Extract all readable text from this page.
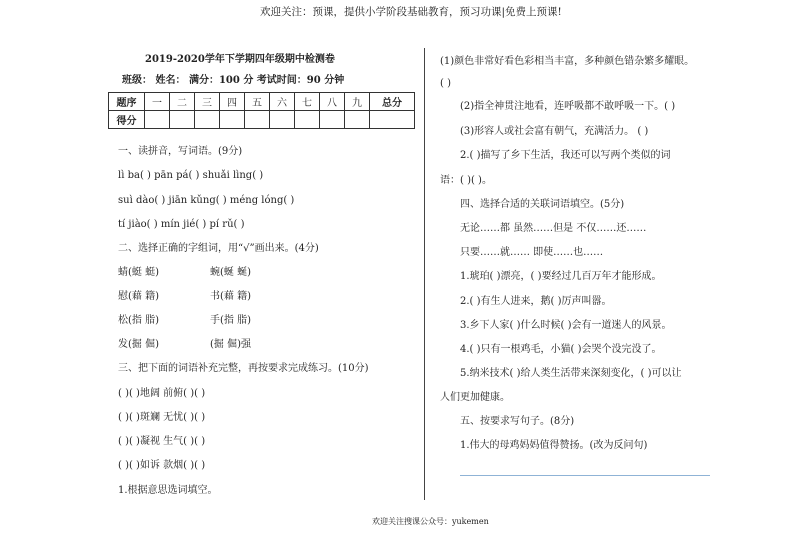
欢迎关注：预课，提供小学阶段基础教育，预习功课|免费上预课!
2019-2020学年下学期四年级期中检测卷
班级： 姓名： 满分：100 分 考试时间：90 分钟
题序	一	二	三	四	五	六	七	八	九	总分
得分										
一、读拼音，写词语。(9分)
lì ba( ) pān pá( ) shuǎi lìng( )
suì dào( ) jiān kǔng( ) méng lóng( )
tí jiào( ) mín jié( ) pí rǔ( )
二、选择正确的字组词，用“√”画出来。(4分)
蜻(蜓 蜓)	蜿(蜒 蜒)
慰(藉 籍)	书(藉 籍)
松(指 脂)	手(指 脂)
发(掘 倔)	(掘 倔)强
三、把下面的词语补充完整，再按要求完成练习。(10分)
( )( )地阔 前俯( )( )
( )( )斑斓 无忧( )( )
( )( )凝视 生气( )( )
( )( )如诉 款烟( )( )
1.根据意思选词填空。
(1)颜色非常好看色彩相当丰富，多种颜色错杂繁多耀眼。
( )
(2)指全神贯注地看，连呼吸都不敢呼吸一下。( )
(3)形容人或社会富有朝气，充满活力。 ( )
2.( )描写了乡下生活，我还可以写两个类似的词
语：( )( )。
四、选择合适的关联词语填空。(5分)
无论……都 虽然……但是 不仅……还……
只要……就…… 即使……也……
1.琥珀( )漂亮，( )要经过几百万年才能形成。
2.( )有生人进来，鹅( )厉声叫嚣。
3.乡下人家( )什么时候( )会有一道迷人的风景。
4.( )只有一根鸡毛，小猫( )会哭个没完没了。
5.纳米技术( )给人类生活带来深刻变化，( )可以让
人们更加健康。
五、按要求写句子。(8分)
1.伟大的母鸡妈妈值得赞扬。(改为反问句)
欢迎关注搜课公众号：yukemen
